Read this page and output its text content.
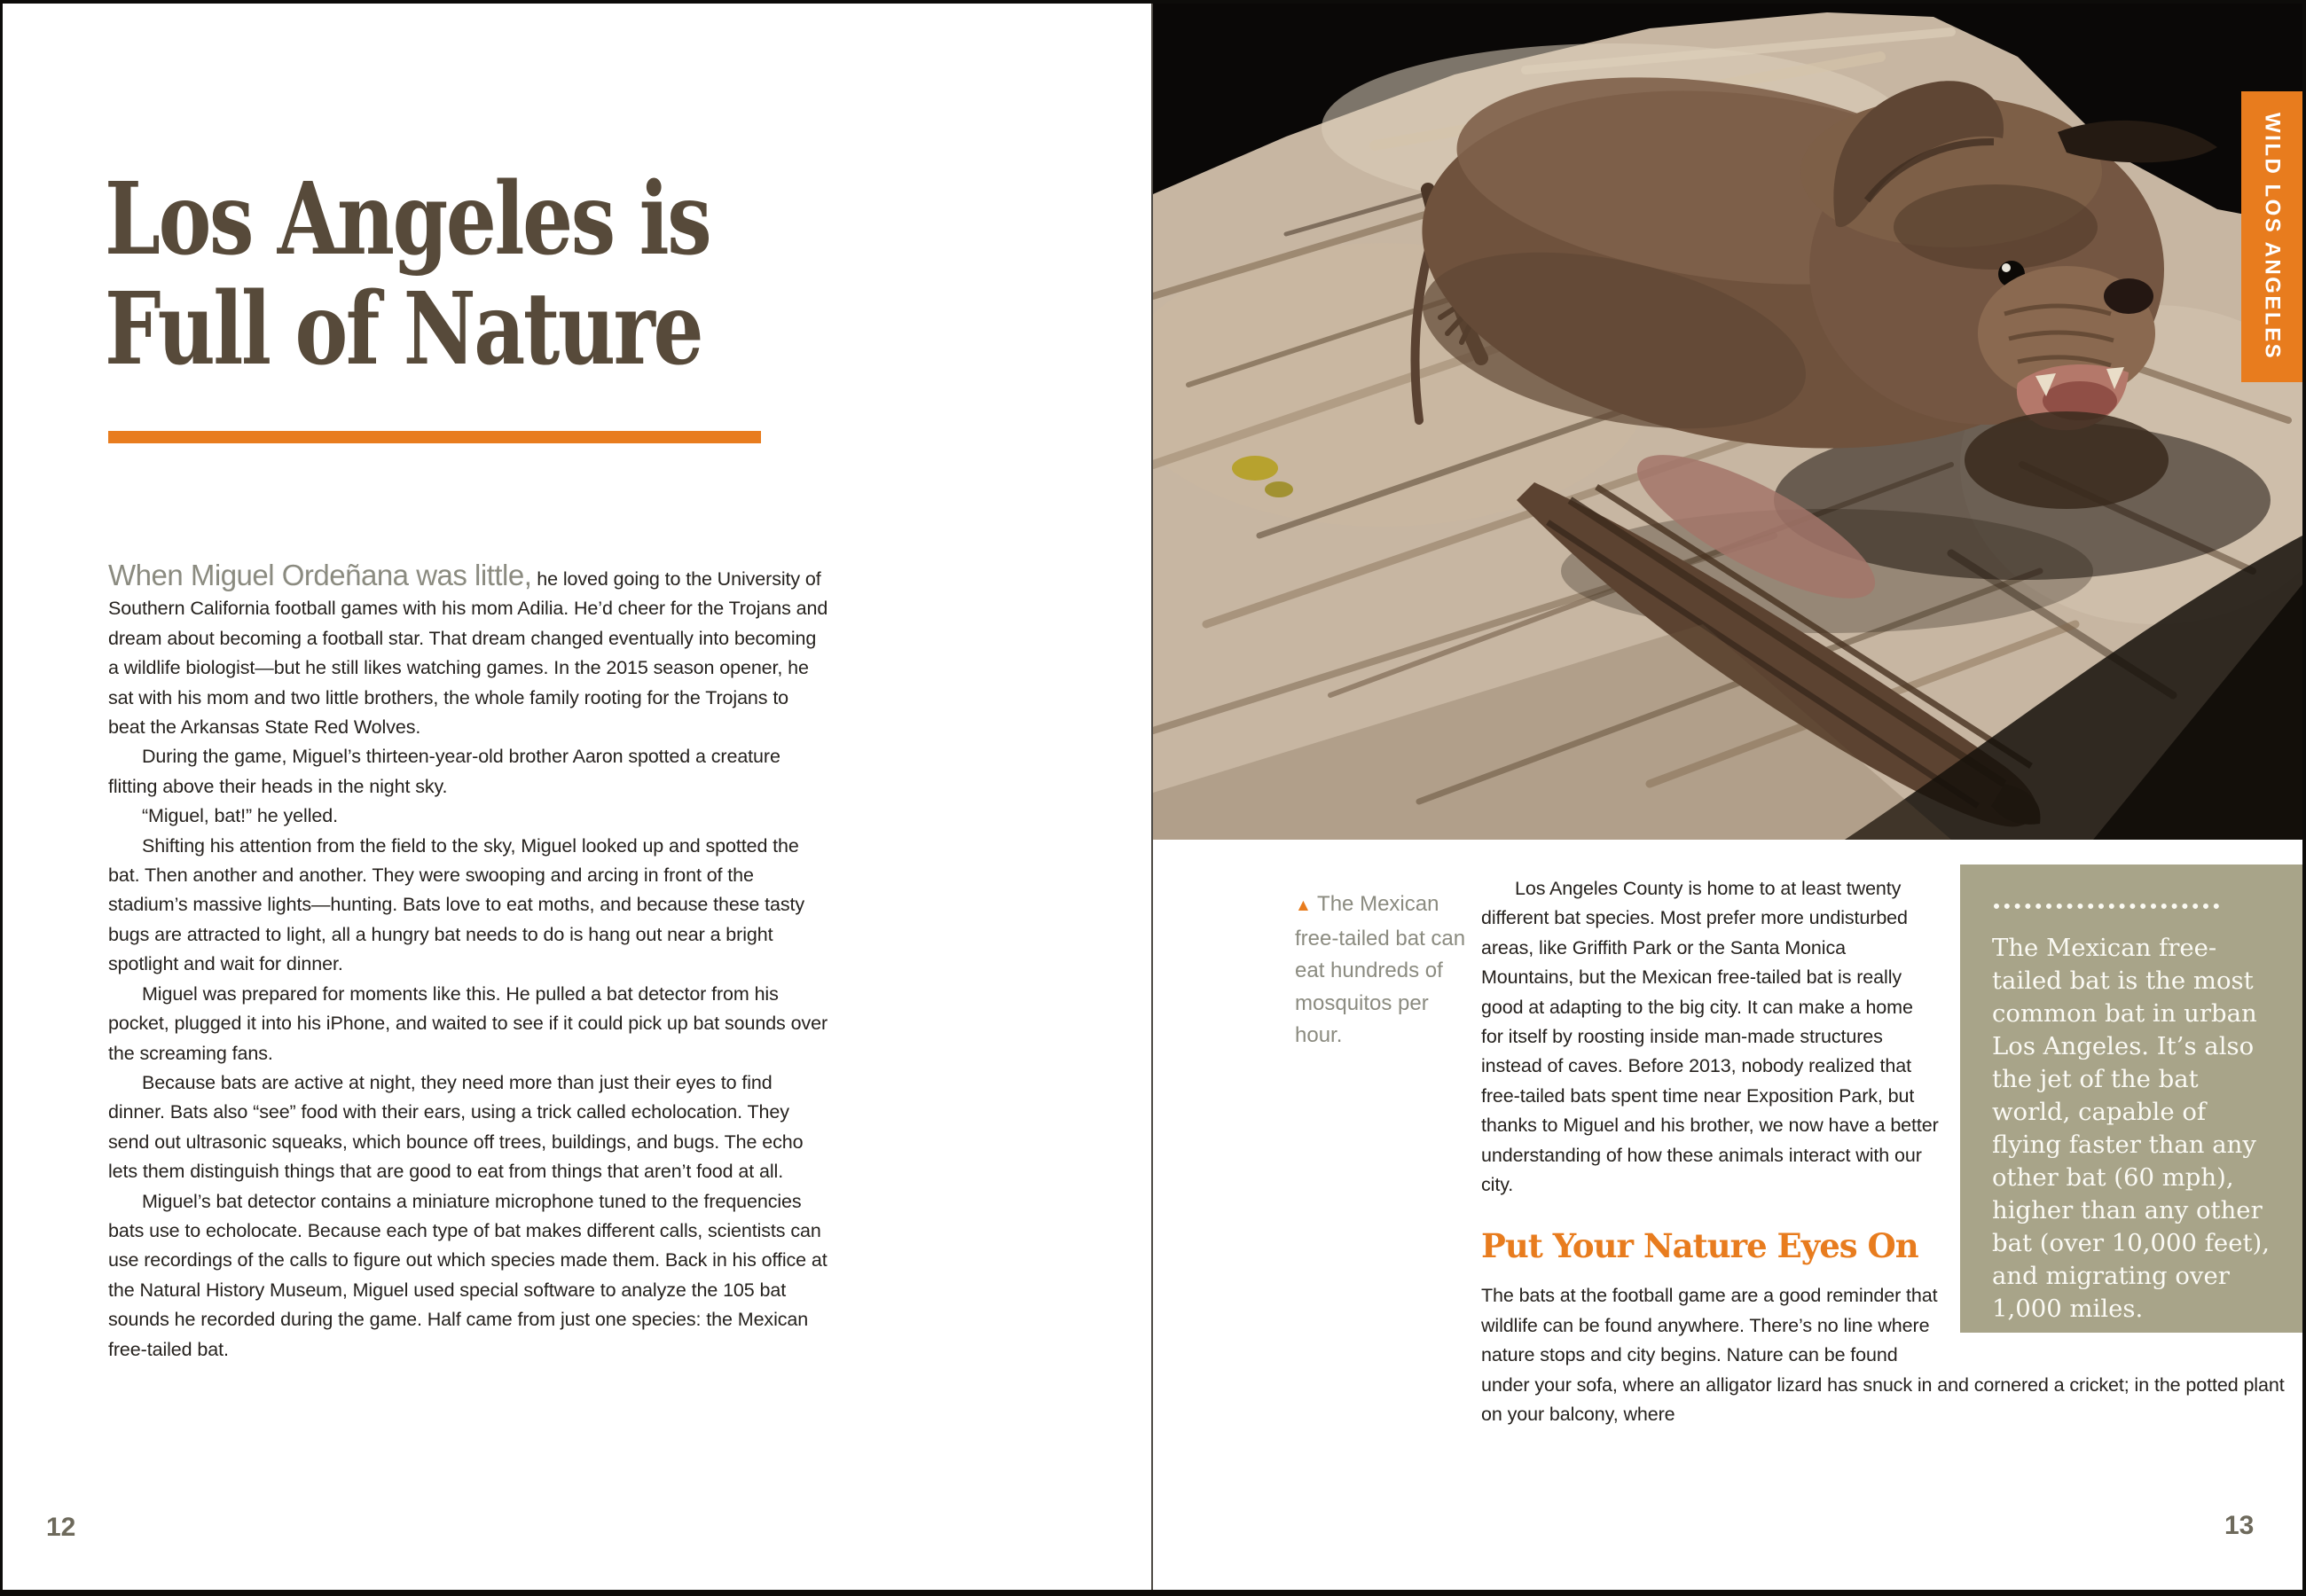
Los Angeles is
Full of Nature

When Miguel Ordeñana was little, he loved going to the University of Southern California football games with his mom Adilia. He’d cheer for the Trojans and dream about becoming a football star. That dream changed eventually into becoming a wildlife biologist—but he still likes watching games. In the 2015 season opener, he sat with his mom and two little brothers, the whole family rooting for the Trojans to beat the Arkansas State Red Wolves.

During the game, Miguel’s thirteen-year-old brother Aaron spotted a creature flitting above their heads in the night sky.

“Miguel, bat!” he yelled.

Shifting his attention from the field to the sky, Miguel looked up and spotted the bat. Then another and another. They were swooping and arcing in front of the stadium’s massive lights—hunting. Bats love to eat moths, and because these tasty bugs are attracted to light, all a hungry bat needs to do is hang out near a bright spotlight and wait for dinner.

Miguel was prepared for moments like this. He pulled a bat detector from his pocket, plugged it into his iPhone, and waited to see if it could pick up bat sounds over the screaming fans.

Because bats are active at night, they need more than just their eyes to find dinner. Bats also “see” food with their ears, using a trick called echolocation. They send out ultrasonic squeaks, which bounce off trees, buildings, and bugs. The echo lets them distinguish things that are good to eat from things that aren’t food at all.

Miguel’s bat detector contains a miniature microphone tuned to the frequencies bats use to echolocate. Because each type of bat makes different calls, scientists can use recordings of the calls to figure out which species made them. Back in his office at the Natural History Museum, Miguel used special software to analyze the 105 bat sounds he recorded during the game. Half came from just one species: the Mexican free-tailed bat.

12
WILD LOS ANGELES
▲ The Mexican free-tailed bat can eat hundreds of mosquitos per hour.

The Mexican free-tailed bat is the most common bat in urban Los Angeles. It’s also the jet of the bat world, capable of flying faster than any other bat (60 mph), higher than any other bat (over 10,000 feet), and migrating over 1,000 miles.

Los Angeles County is home to at least twenty different bat species. Most prefer more undisturbed areas, like Griffith Park or the Santa Monica Mountains, but the Mexican free-tailed bat is really good at adapting to the big city. It can make a home for itself by roosting inside man-made structures instead of caves. Before 2013, nobody realized that free-tailed bats spent time near Exposition Park, but thanks to Miguel and his brother, we now have a better understanding of how these animals interact with our city.

Put Your Nature Eyes On

The bats at the football game are a good reminder that wildlife can be found anywhere. There’s no line where nature stops and city begins. Nature can be found under your sofa, where an alligator lizard has snuck in and cornered a cricket; in the potted plant on your balcony, where

13
